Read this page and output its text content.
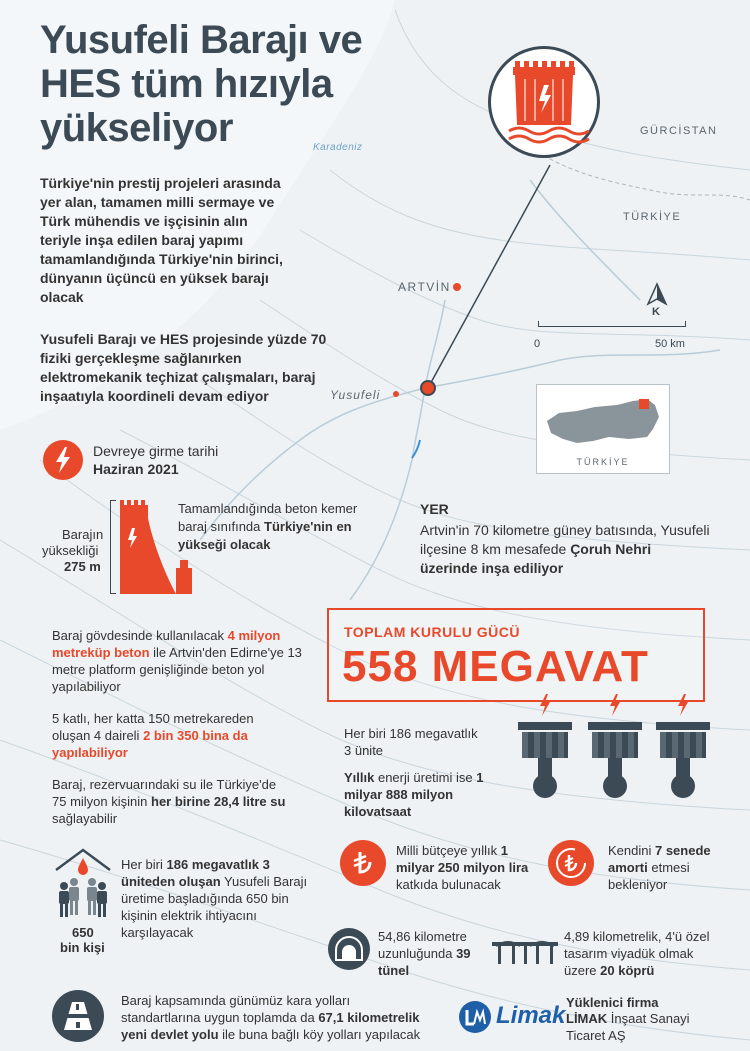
Yusufeli Barajı ve HES tüm hızıyla yükseliyor
Türkiye'nin prestij projeleri arasında yer alan, tamamen milli sermaye ve Türk mühendis ve işçisinin alın teriyle inşa edilen baraj yapımı tamamlandığında Türkiye'nin birinci, dünyanın üçüncü en yüksek barajı olacak
Yusufeli Barajı ve HES projesinde yüzde 70 fiziki gerçekleşme sağlanırken elektromekanik teçhizat çalışmaları, baraj inşaatıyla koordineli devam ediyor
Karadeniz
GÜRCİSTAN
TÜRKİYE
ARTVİN
Yusufeli
K
0	50 km
TÜRKİYE
Devreye girme tarihi
Haziran 2021
Barajın
yüksekliği
275 m
Tamamlandığında beton kemer baraj sınıfında Türkiye'nin en yükseği olacak
YER
Artvin'in 70 kilometre güney batısında, Yusufeli ilçesine 8 km mesafede Çoruh Nehri üzerinde inşa ediliyor
Baraj gövdesinde kullanılacak 4 milyon metreküp beton ile Artvin'den Edirne'ye 13 metre platform genişliğinde beton yol yapılabiliyor
5 katlı, her katta 150 metrekareden oluşan 4 daireli 2 bin 350 bina da yapılabiliyor
Baraj, rezervuarındaki su ile Türkiye'de 75 milyon kişinin her birine 28,4 litre su sağlayabilir
TOPLAM KURULU GÜCÜ
558 MEGAVAT
Her biri 186 megavatlık 3 ünite
Yıllık enerji üretimi ise 1 milyar 888 milyon kilovatsaat
650
bin kişi
Her biri 186 megavatlık 3 üniteden oluşan Yusufeli Barajı üretime başladığında 650 bin kişinin elektrik ihtiyacını karşılayacak
Milli bütçeye yıllık 1 milyar 250 milyon lira katkıda bulunacak
Kendini 7 senede amorti etmesi bekleniyor
54,86 kilometre uzunluğunda 39 tünel
4,89 kilometrelik, 4'ü özel tasarım viyadük olmak üzere 20 köprü
Baraj kapsamında günümüz kara yolları standartlarına uygun toplamda da 67,1 kilometrelik yeni devlet yolu ile buna bağlı köy yolları yapılacak
Limak Yüklenici firma
LİMAK İnşaat Sanayi Ticaret AŞ
